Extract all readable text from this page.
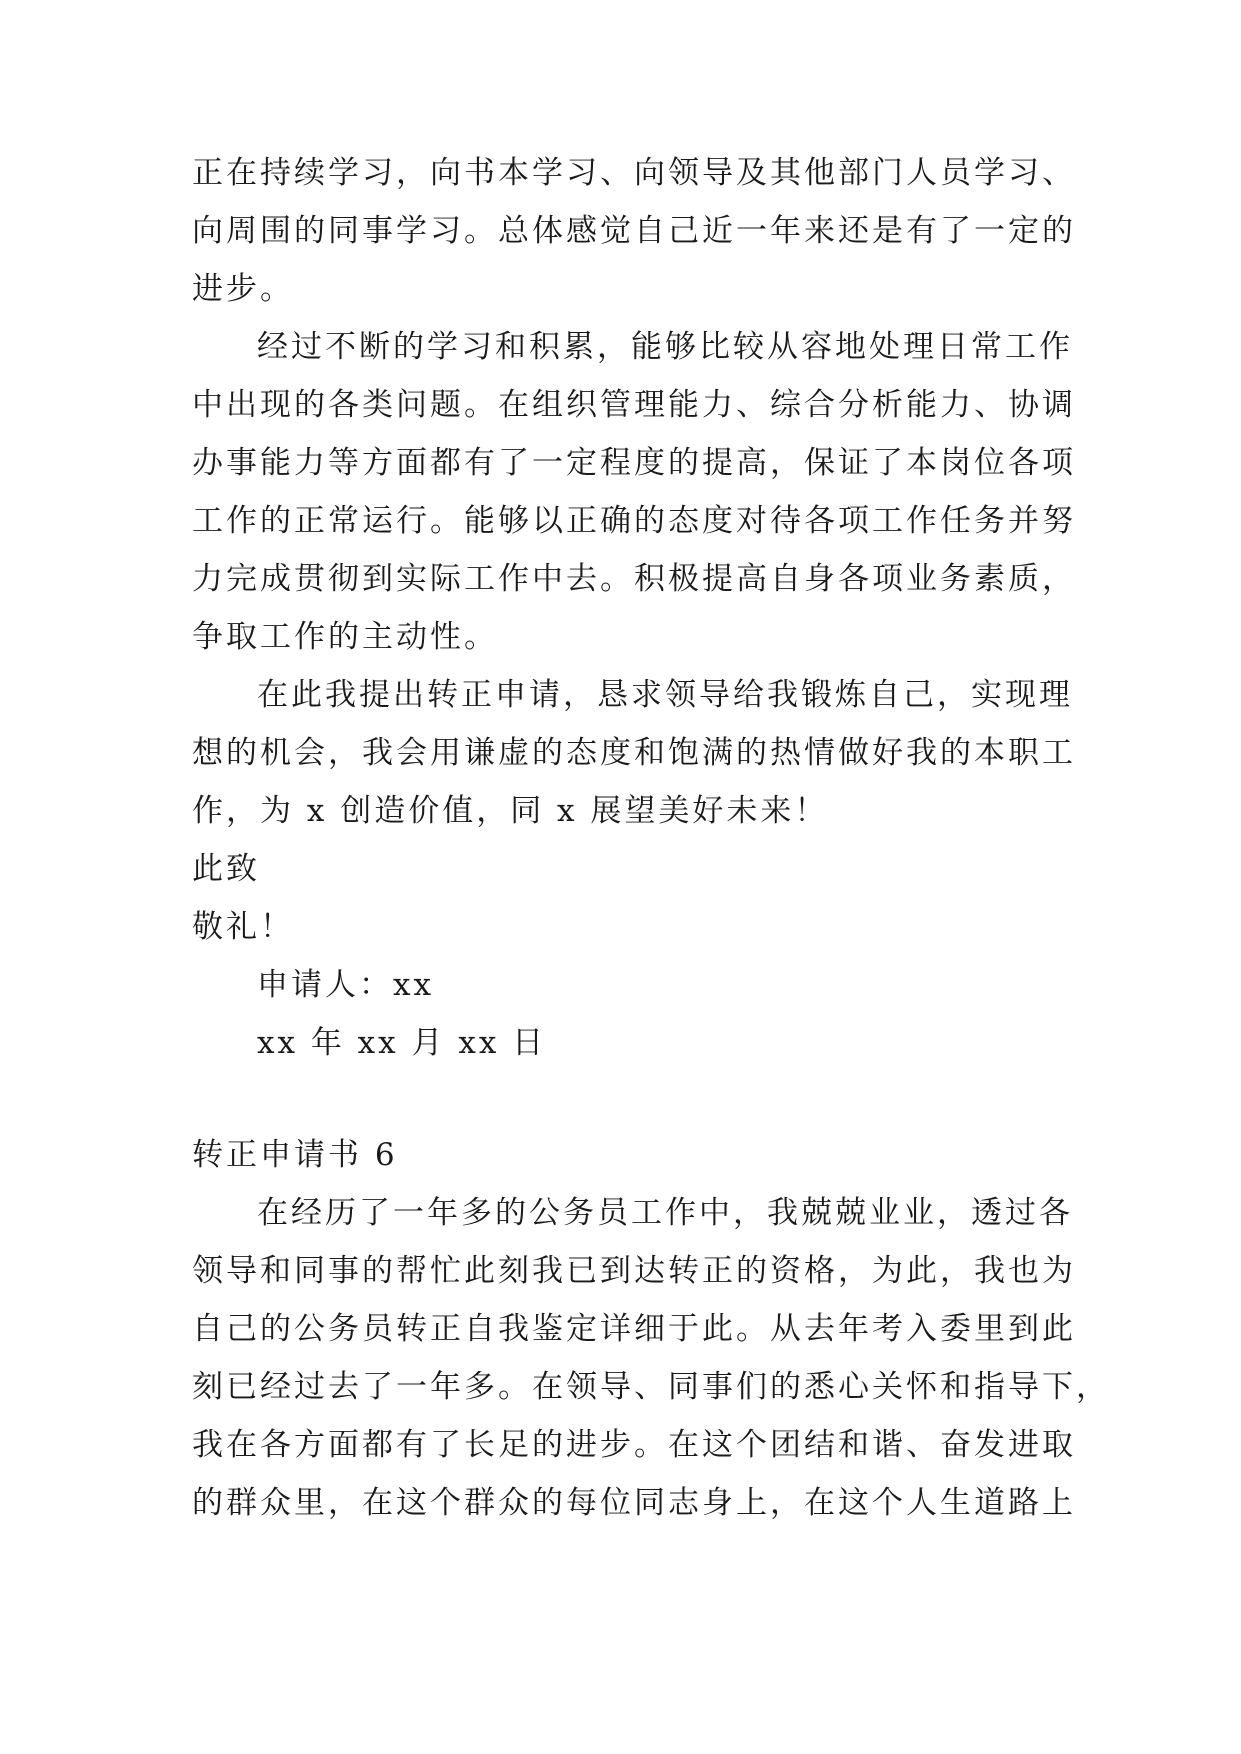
正在持续学习，向书本学习、向领导及其他部门人员学习、
向周围的同事学习。总体感觉自己近一年来还是有了一定的
进步。
经过不断的学习和积累，能够比较从容地处理日常工作
中出现的各类问题。在组织管理能力、综合分析能力、协调
办事能力等方面都有了一定程度的提高，保证了本岗位各项
工作的正常运行。能够以正确的态度对待各项工作任务并努
力完成贯彻到实际工作中去。积极提高自身各项业务素质，
争取工作的主动性。
在此我提出转正申请，恳求领导给我锻炼自己，实现理
想的机会，我会用谦虚的态度和饱满的热情做好我的本职工
作，为 x 创造价值，同 x 展望美好未来！
此致
敬礼！
申请人：xx
xx 年 xx 月 xx 日
转正申请书 6
在经历了一年多的公务员工作中，我兢兢业业，透过各
领导和同事的帮忙此刻我已到达转正的资格，为此，我也为
自己的公务员转正自我鉴定详细于此。从去年考入委里到此
刻已经过去了一年多。在领导、同事们的悉心关怀和指导下，
我在各方面都有了长足的进步。在这个团结和谐、奋发进取
的群众里，在这个群众的每位同志身上，在这个人生道路上
